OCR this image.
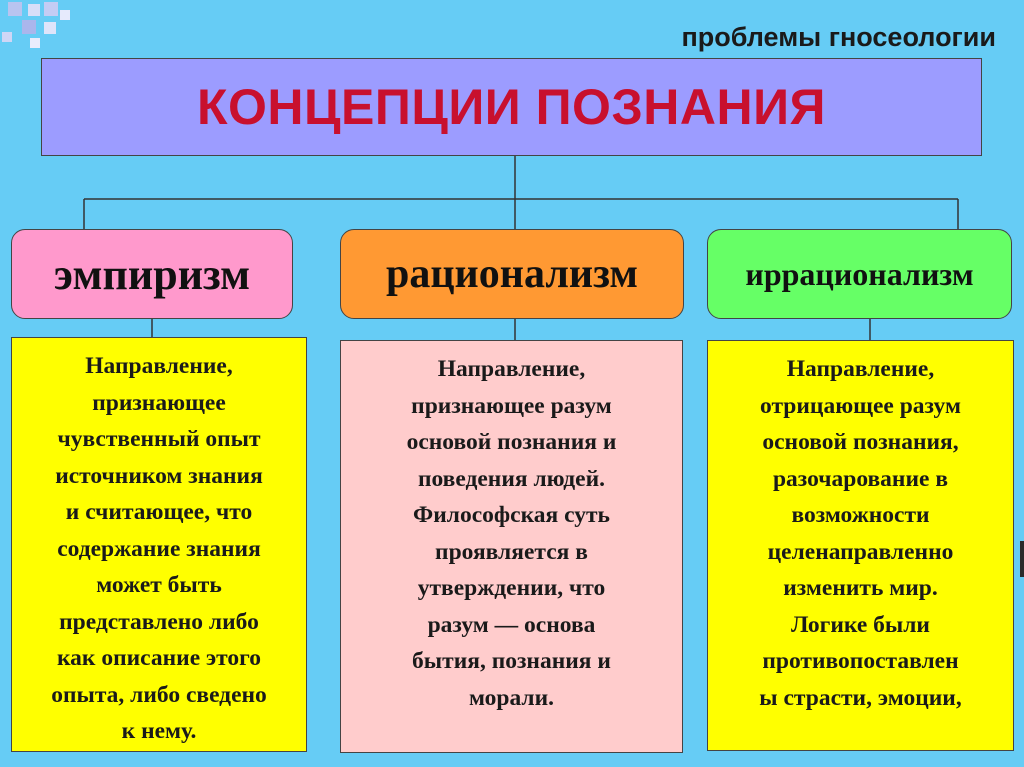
проблемы гносеологии
КОНЦЕПЦИИ ПОЗНАНИЯ
эмпиризм	рационализм	иррационализм

Направление,

признающее

чувственный опыт

источником знания

и считающее, что

содержание знания

может быть

представлено либо

как описание этого

опыта, либо сведено

к нему.

Направление,

признающее разум

основой познания и

поведения людей.

Философская суть

проявляется в

утверждении, что

разум — основа

бытия, познания и

морали.

Направление,

отрицающее разум

основой познания,

разочарование в

возможности

целенаправленно

изменить мир.

Логике были

противопоставлен

ы страсти, эмоции,
